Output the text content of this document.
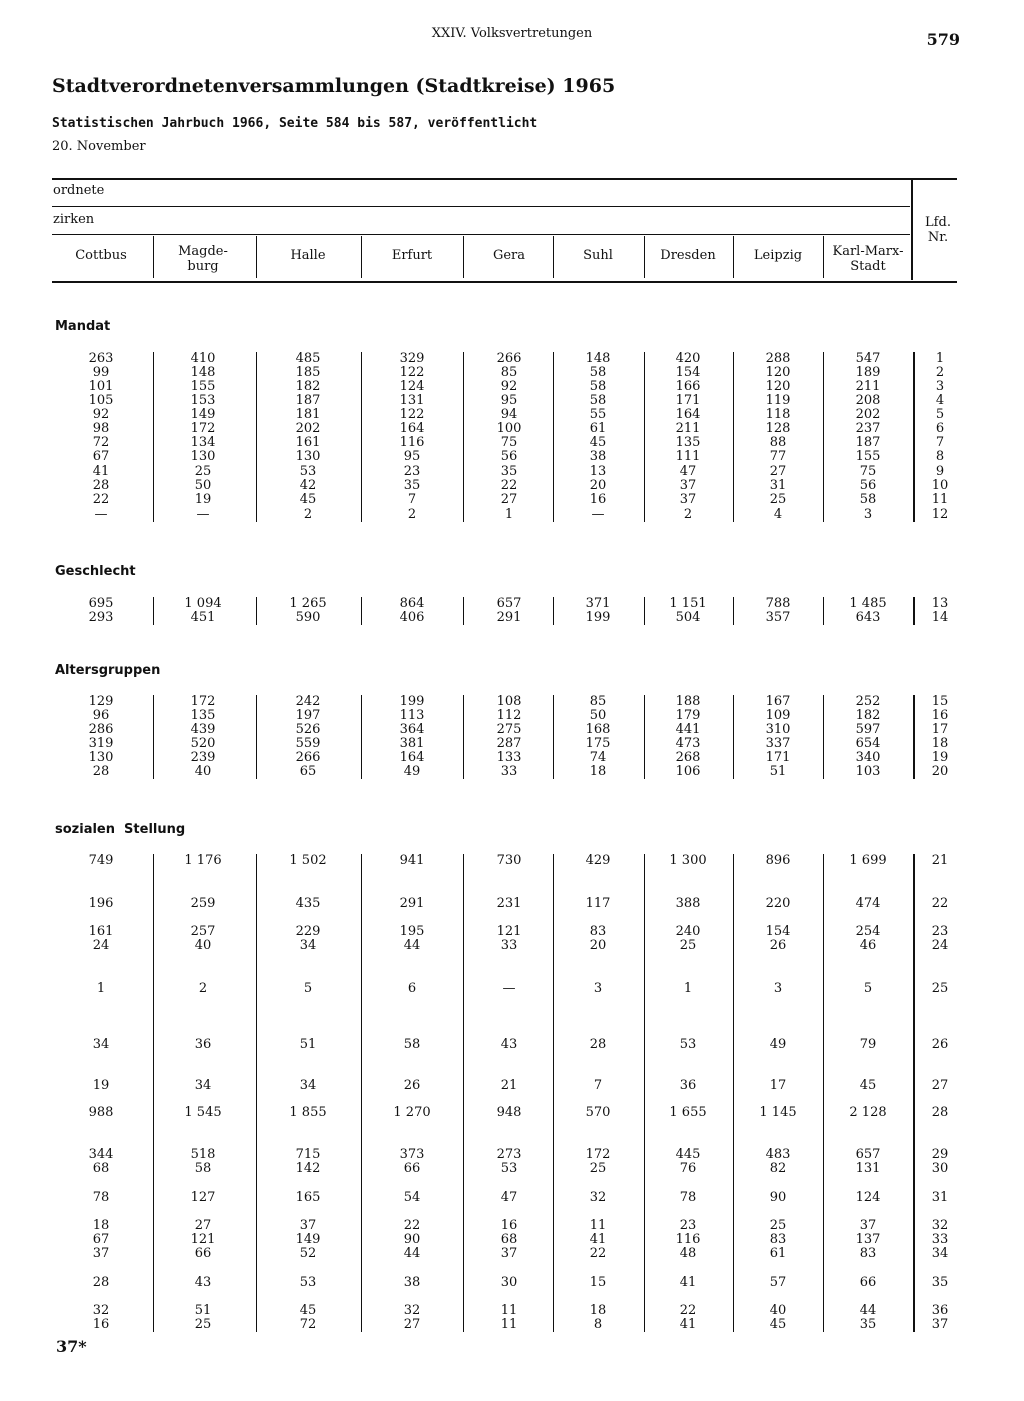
XXIV. Volksvertretungen	579
Stadtverordnetenversammlungen (Stadtkreise) 1965
Statistischen Jahrbuch 1966, Seite 584 bis 587, veröffentlicht
20. November
ordnete
zirken	Lfd.
Nr.
Cottbus	Magde-
burg
Halle	Erfurt	Gera	Suhl	Dresden	Leipzig	Karl-Marx-
Stadt
Mandat
263	410	485	329	266	148	420	288	547	1
99	148	185	122	85	58	154	120	189	2
101	155	182	124	92	58	166	120	211	3
105	153	187	131	95	58	171	119	208	4
92	149	181	122	94	55	164	118	202	5
98	172	202	164	100	61	211	128	237	6
72	134	161	116	75	45	135	88	187	7
67	130	130	95	56	38	111	77	155	8
41	25	53	23	35	13	47	27	75	9
28	50	42	35	22	20	37	31	56	10
22	19	45	7	27	16	37	25	58	11
—	—	2	2	1	—	2	4	3	12
Geschlecht
695	1 094	1 265	864	657	371	1 151	788	1 485	13
293	451	590	406	291	199	504	357	643	14
Altersgruppen
129	172	242	199	108	85	188	167	252	15
96	135	197	113	112	50	179	109	182	16
286	439	526	364	275	168	441	310	597	17
319	520	559	381	287	175	473	337	654	18
130	239	266	164	133	74	268	171	340	19
28	40	65	49	33	18	106	51	103	20
sozialen  Stellung
749	1 176	1 502	941	730	429	1 300	896	1 699	21
196	259	435	291	231	117	388	220	474	22
161	257	229	195	121	83	240	154	254	23
24	40	34	44	33	20	25	26	46	24
1	2	5	6	—	3	1	3	5	25
34	36	51	58	43	28	53	49	79	26
19	34	34	26	21	7	36	17	45	27
988	1 545	1 855	1 270	948	570	1 655	1 145	2 128	28
344	518	715	373	273	172	445	483	657	29
68	58	142	66	53	25	76	82	131	30
78	127	165	54	47	32	78	90	124	31
18	27	37	22	16	11	23	25	37	32
67	121	149	90	68	41	116	83	137	33
37	66	52	44	37	22	48	61	83	34
28	43	53	38	30	15	41	57	66	35
32	51	45	32	11	18	22	40	44	36
16	25	72	27	11	8	41	45	35	37
37*
